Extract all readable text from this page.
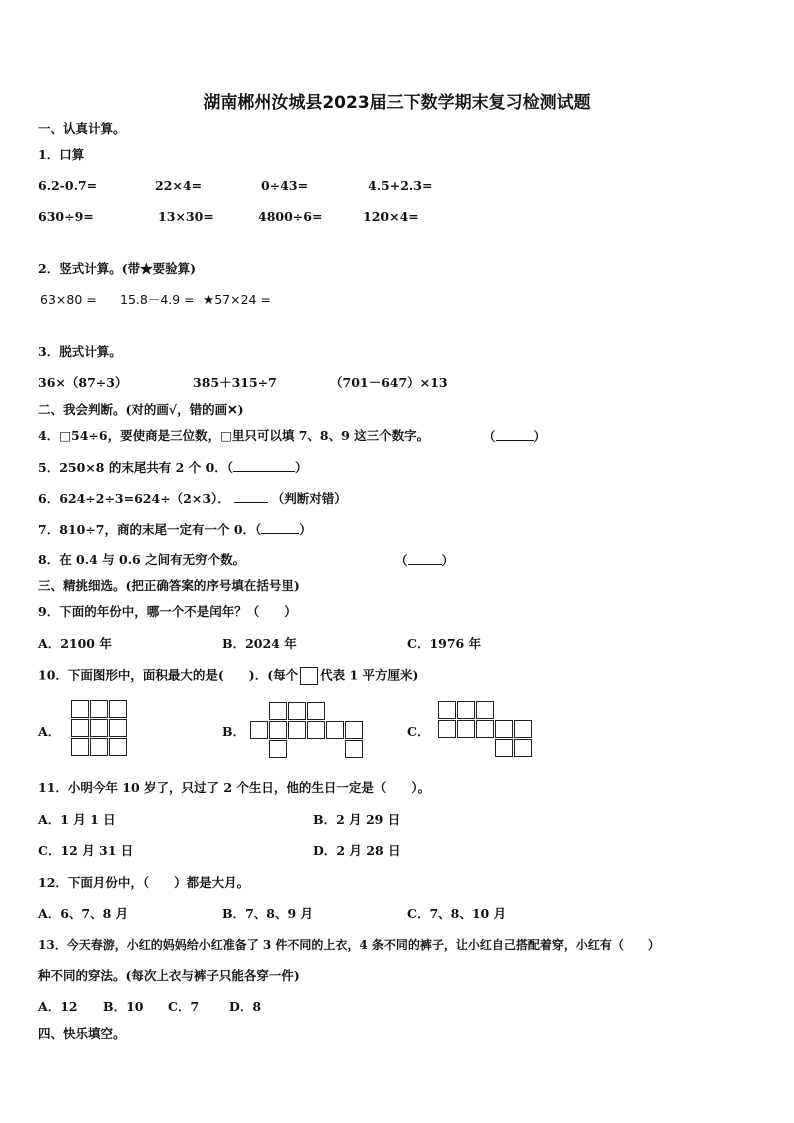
湖南郴州汝城县2023届三下数学期末复习检测试题
一、认真计算。
1．口算
6.2-0.7=	22×4=	0÷43=	4.5+2.3=
630÷9=	13×30=	4800÷6=	120×4=
2．竖式计算。(带★要验算)
63×80 = 15.8－4.9 = ★57×24 =
3．脱式计算。
36×（87÷3）	385＋315÷7	（701－647）×13
二、我会判断。(对的画√，错的画✕)
4．□54÷6，要使商是三位数，□里只可以填 7、8、9 这三个数字。	（	）
5．250×8 的末尾共有 2 个 0．（	）
6．624÷2÷3=624÷（2×3）．	（判断对错）
7．810÷7，商的末尾一定有一个 0．（	）
8．在 0.4 与 0.6 之间有无穷个数。	（	）
三、精挑细选。(把正确答案的序号填在括号里)
9．下面的年份中，哪一个不是闰年？（　　）
A．2100 年	B．2024 年	C．1976 年
10．下面图形中，面积最大的是(　　)．(每个 代表 1 平方厘米)
A．	B．	C．
11．小明今年 10 岁了，只过了 2 个生日，他的生日一定是（　　）。
A．1 月 1 日	B．2 月 29 日
C．12 月 31 日	D．2 月 28 日
12．下面月份中，（　　）都是大月。
A．6、7、8 月	B．7、8、9 月	C．7、8、10 月
13．今天春游，小红的妈妈给小红准备了 3 件不同的上衣，4 条不同的裤子，让小红自己搭配着穿，小红有（　　）
种不同的穿法。(每次上衣与裤子只能各穿一件)
A．12 B．10 C．7 D．8
四、快乐填空。
